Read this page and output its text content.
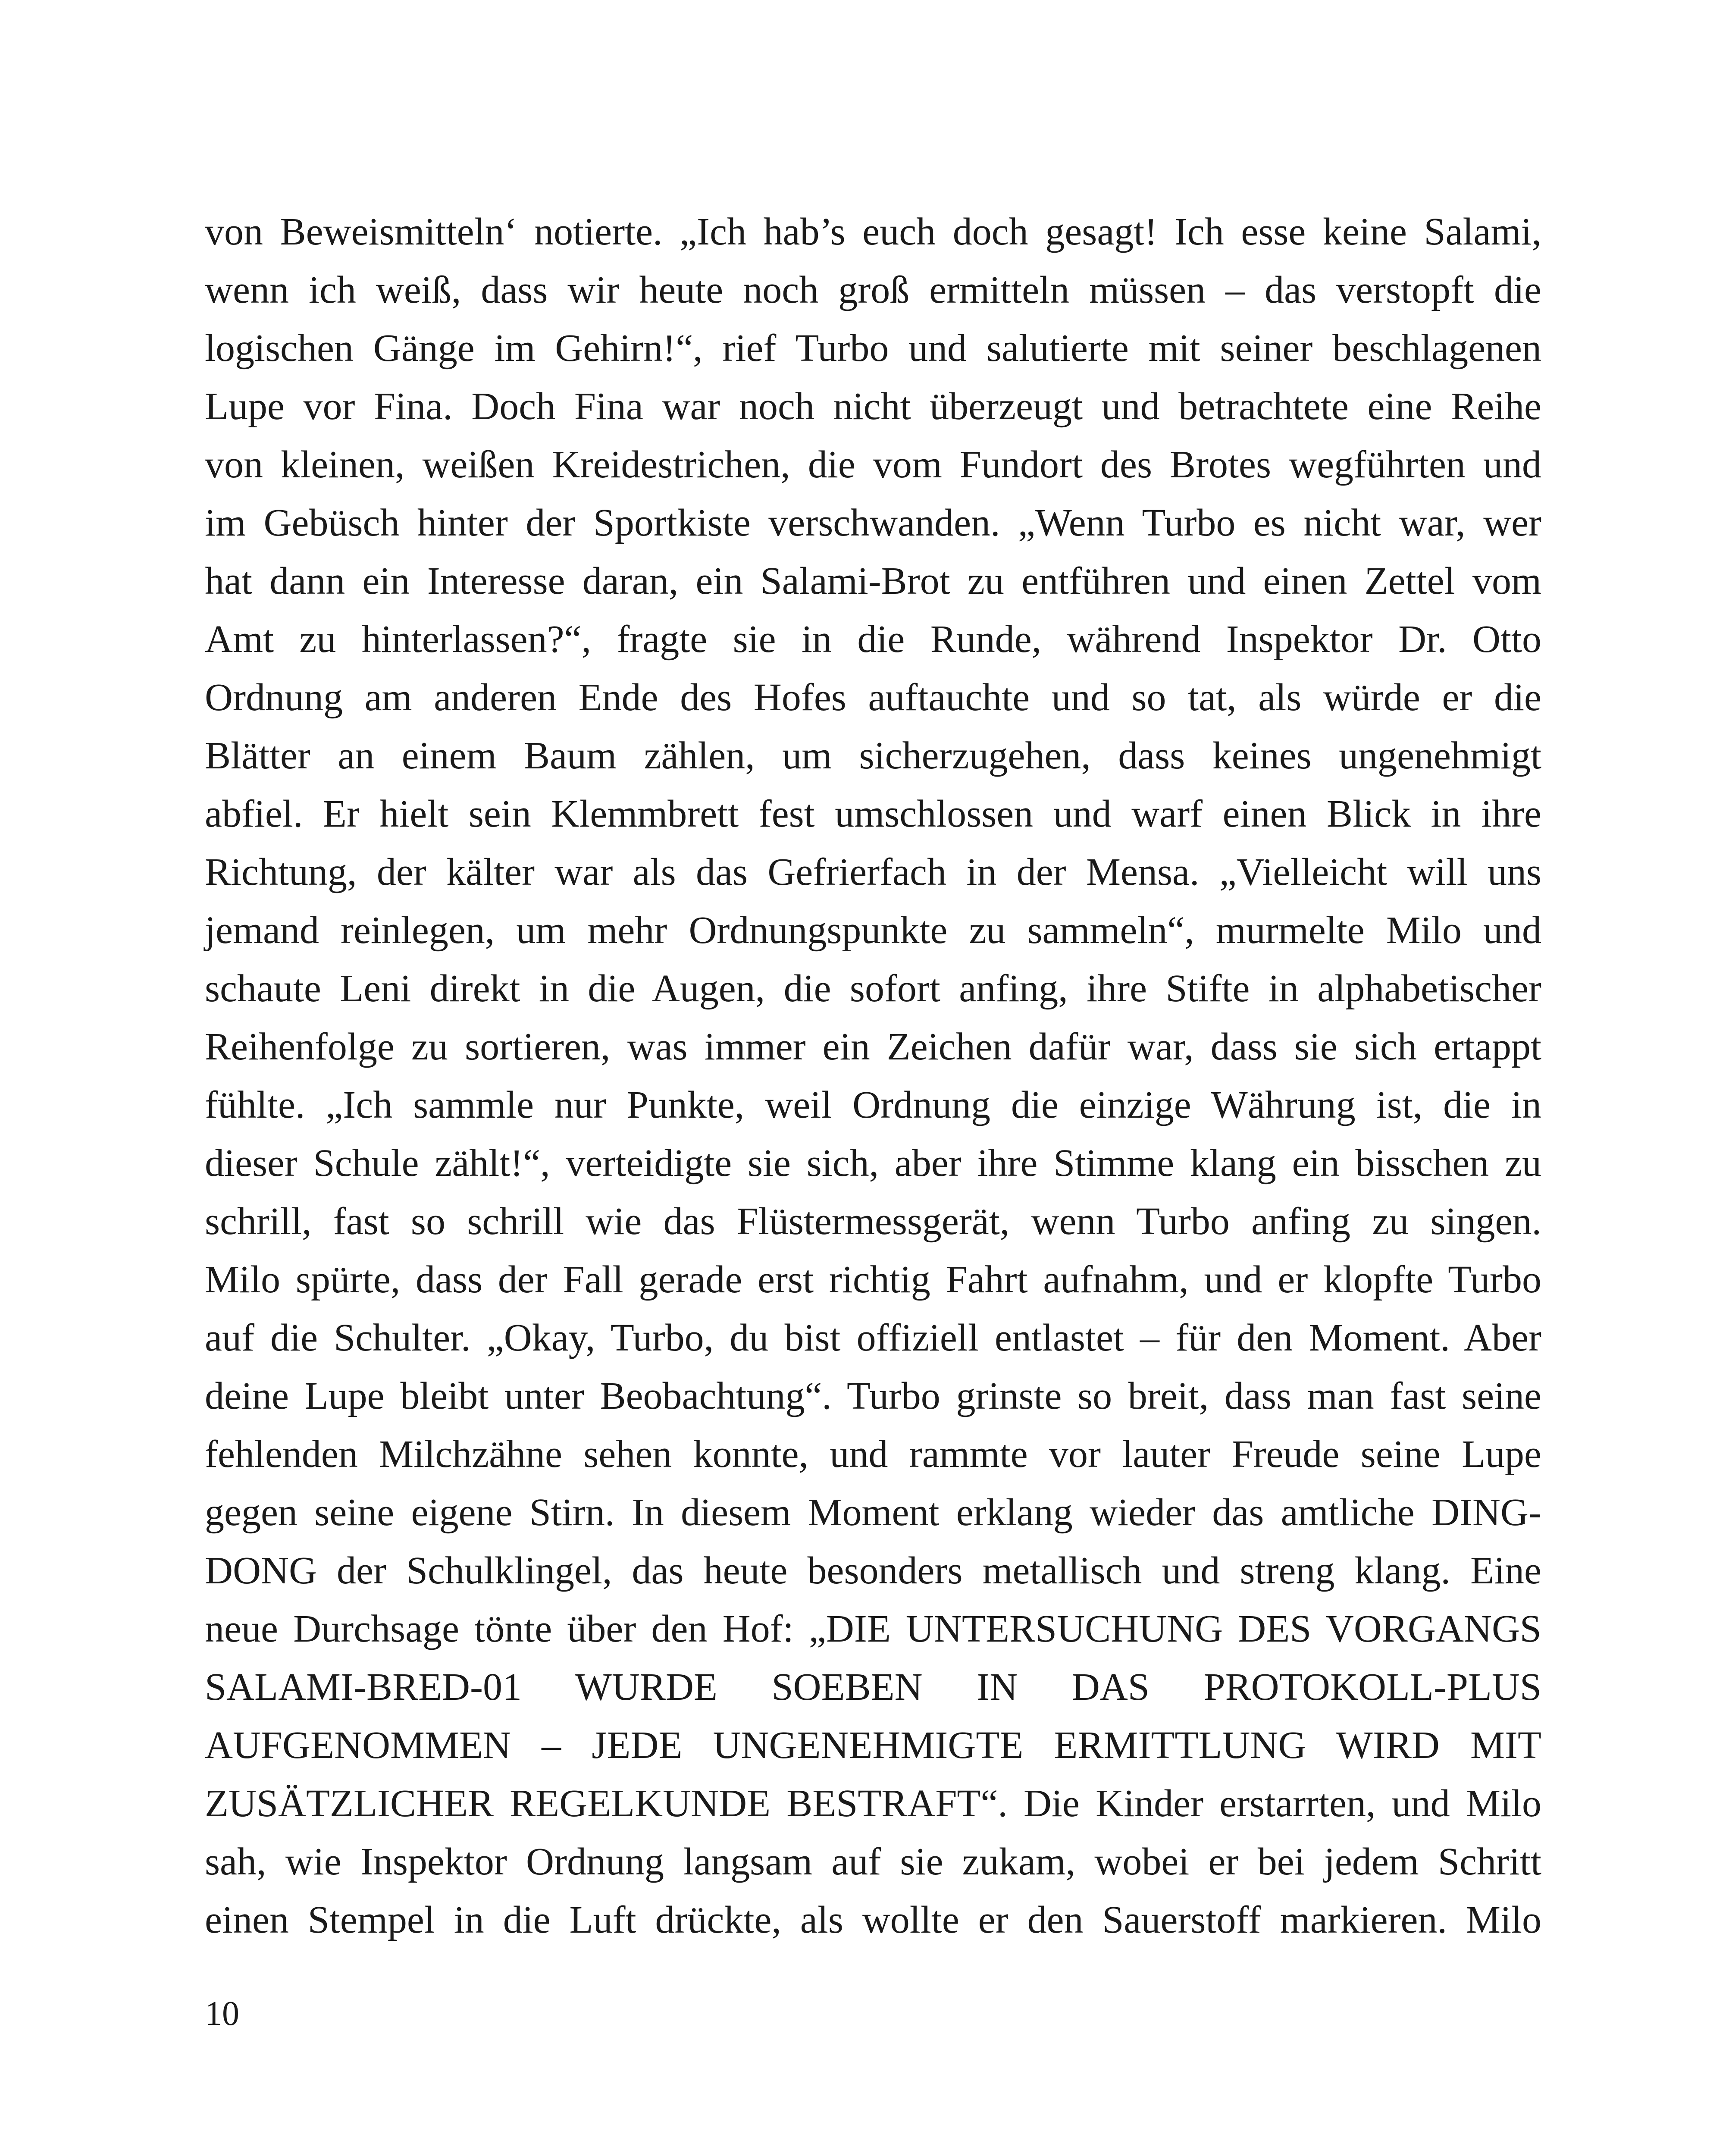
von Beweismitteln‘ notierte. „Ich hab’s euch doch gesagt! Ich esse keine Salami,
wenn ich weiß, dass wir heute noch groß ermitteln müssen – das verstopft die
logischen Gänge im Gehirn!“, rief Turbo und salutierte mit seiner beschlagenen
Lupe vor Fina. Doch Fina war noch nicht überzeugt und betrachtete eine Reihe
von kleinen, weißen Kreidestrichen, die vom Fundort des Brotes wegführten und
im Gebüsch hinter der Sportkiste verschwanden. „Wenn Turbo es nicht war, wer
hat dann ein Interesse daran, ein Salami-Brot zu entführen und einen Zettel vom
Amt zu hinterlassen?“, fragte sie in die Runde, während Inspektor Dr. Otto
Ordnung am anderen Ende des Hofes auftauchte und so tat, als würde er die
Blätter an einem Baum zählen, um sicherzugehen, dass keines ungenehmigt
abfiel. Er hielt sein Klemmbrett fest umschlossen und warf einen Blick in ihre
Richtung, der kälter war als das Gefrierfach in der Mensa. „Vielleicht will uns
jemand reinlegen, um mehr Ordnungspunkte zu sammeln“, murmelte Milo und
schaute Leni direkt in die Augen, die sofort anfing, ihre Stifte in alphabetischer
Reihenfolge zu sortieren, was immer ein Zeichen dafür war, dass sie sich ertappt
fühlte. „Ich sammle nur Punkte, weil Ordnung die einzige Währung ist, die in
dieser Schule zählt!“, verteidigte sie sich, aber ihre Stimme klang ein bisschen zu
schrill, fast so schrill wie das Flüstermessgerät, wenn Turbo anfing zu singen.
Milo spürte, dass der Fall gerade erst richtig Fahrt aufnahm, und er klopfte Turbo
auf die Schulter. „Okay, Turbo, du bist offiziell entlastet – für den Moment. Aber
deine Lupe bleibt unter Beobachtung“. Turbo grinste so breit, dass man fast seine
fehlenden Milchzähne sehen konnte, und rammte vor lauter Freude seine Lupe
gegen seine eigene Stirn. In diesem Moment erklang wieder das amtliche DING-
DONG der Schulklingel, das heute besonders metallisch und streng klang. Eine
neue Durchsage tönte über den Hof: „DIE UNTERSUCHUNG DES VORGANGS
SALAMI-BRED-01 WURDE SOEBEN IN DAS PROTOKOLL-PLUS
AUFGENOMMEN – JEDE UNGENEHMIGTE ERMITTLUNG WIRD MIT
ZUSÄTZLICHER REGELKUNDE BESTRAFT“. Die Kinder erstarrten, und Milo
sah, wie Inspektor Ordnung langsam auf sie zukam, wobei er bei jedem Schritt
einen Stempel in die Luft drückte, als wollte er den Sauerstoff markieren. Milo
10
